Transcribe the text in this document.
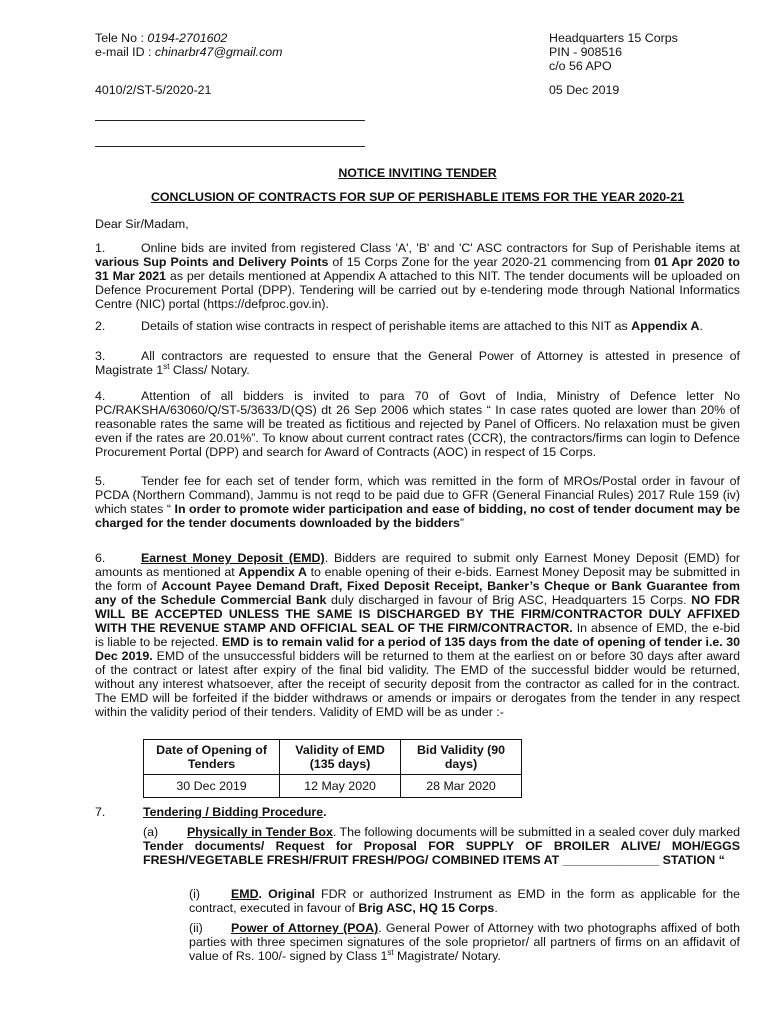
Tele No : 0194-2701602
e-mail ID : chinarbr47@gmail.com
Headquarters 15 Corps
PIN - 908516
c/o 56 APO
4010/2/ST-5/2020-21	05 Dec 2019
NOTICE INVITING TENDER
CONCLUSION OF CONTRACTS FOR SUP OF PERISHABLE ITEMS FOR THE YEAR 2020-21
Dear Sir/Madam,
1.	Online bids are invited from registered Class 'A', 'B' and 'C' ASC contractors for Sup of Perishable items at various Sup Points and Delivery Points of 15 Corps Zone for the year 2020-21 commencing from 01 Apr 2020 to 31 Mar 2021 as per details mentioned at Appendix A attached to this NIT. The tender documents will be uploaded on Defence Procurement Portal (DPP). Tendering will be carried out by e-tendering mode through National Informatics Centre (NIC) portal (https://defproc.gov.in).
2.	Details of station wise contracts in respect of perishable items are attached to this NIT as Appendix A.
3.	All contractors are requested to ensure that the General Power of Attorney is attested in presence of Magistrate 1st Class/ Notary.
4.	Attention of all bidders is invited to para 70 of Govt of India, Ministry of Defence letter No PC/RAKSHA/63060/Q/ST-5/3633/D(QS) dt 26 Sep 2006 which states “ In case rates quoted are lower than 20% of reasonable rates the same will be treated as fictitious and rejected by Panel of Officers. No relaxation must be given even if the rates are 20.01%”. To know about current contract rates (CCR), the contractors/firms can login to Defence Procurement Portal (DPP) and search for Award of Contracts (AOC) in respect of 15 Corps.
5.	Tender fee for each set of tender form, which was remitted in the form of MROs/Postal order in favour of PCDA (Northern Command), Jammu is not reqd to be paid due to GFR (General Financial Rules) 2017 Rule 159 (iv) which states “ In order to promote wider participation and ease of bidding, no cost of tender document may be charged for the tender documents downloaded by the bidders”
6.	Earnest Money Deposit (EMD). Bidders are required to submit only Earnest Money Deposit (EMD) for amounts as mentioned at Appendix A to enable opening of their e-bids. Earnest Money Deposit may be submitted in the form of Account Payee Demand Draft, Fixed Deposit Receipt, Banker’s Cheque or Bank Guarantee from any of the Schedule Commercial Bank duly discharged in favour of Brig ASC, Headquarters 15 Corps. NO FDR WILL BE ACCEPTED UNLESS THE SAME IS DISCHARGED BY THE FIRM/CONTRACTOR DULY AFFIXED WITH THE REVENUE STAMP AND OFFICIAL SEAL OF THE FIRM/CONTRACTOR. In absence of EMD, the e-bid is liable to be rejected. EMD is to remain valid for a period of 135 days from the date of opening of tender i.e. 30 Dec 2019. EMD of the unsuccessful bidders will be returned to them at the earliest on or before 30 days after award of the contract or latest after expiry of the final bid validity. The EMD of the successful bidder would be returned, without any interest whatsoever, after the receipt of security deposit from the contractor as called for in the contract. The EMD will be forfeited if the bidder withdraws or amends or impairs or derogates from the tender in any respect within the validity period of their tenders. Validity of EMD will be as under :-
Date of Opening of Tenders	Validity of EMD (135 days)	Bid Validity (90 days)
30 Dec 2019	12 May 2020	28 Mar 2020
7.	Tendering / Bidding Procedure.
(a) Physically in Tender Box. The following documents will be submitted in a sealed cover duly marked Tender documents/ Request for Proposal FOR SUPPLY OF BROILER ALIVE/ MOH/EGGS FRESH/VEGETABLE FRESH/FRUIT FRESH/POG/ COMBINED ITEMS AT ______________ STATION “
(i) EMD. Original FDR or authorized Instrument as EMD in the form as applicable for the contract, executed in favour of Brig ASC, HQ 15 Corps.
(ii) Power of Attorney (POA). General Power of Attorney with two photographs affixed of both parties with three specimen signatures of the sole proprietor/ all partners of firms on an affidavit of value of Rs. 100/- signed by Class 1st Magistrate/ Notary.
